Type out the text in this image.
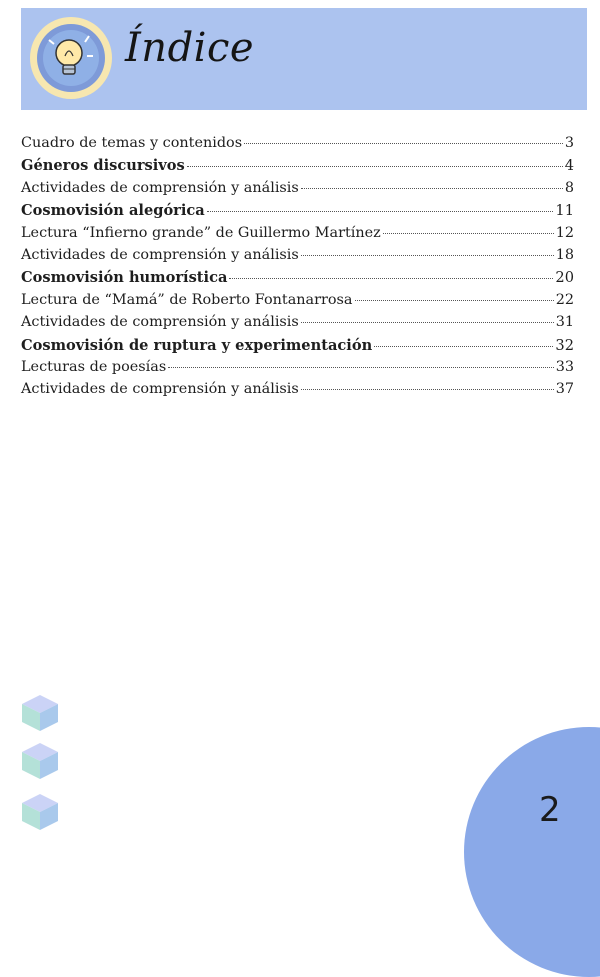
Índice
Cuadro de temas y contenidos	3
Géneros discursivos	4
Actividades de comprensión y análisis	8
Cosmovisión alegórica	11
Lectura “Infierno grande” de Guillermo Martínez	12
Actividades de comprensión y análisis	18
Cosmovisión humorística	20
Lectura de “Mamá” de Roberto Fontanarrosa	22
Actividades de comprensión y análisis	31
Cosmovisión de ruptura y experimentación	32
Lecturas de poesías	33
Actividades de comprensión y análisis	37
2
